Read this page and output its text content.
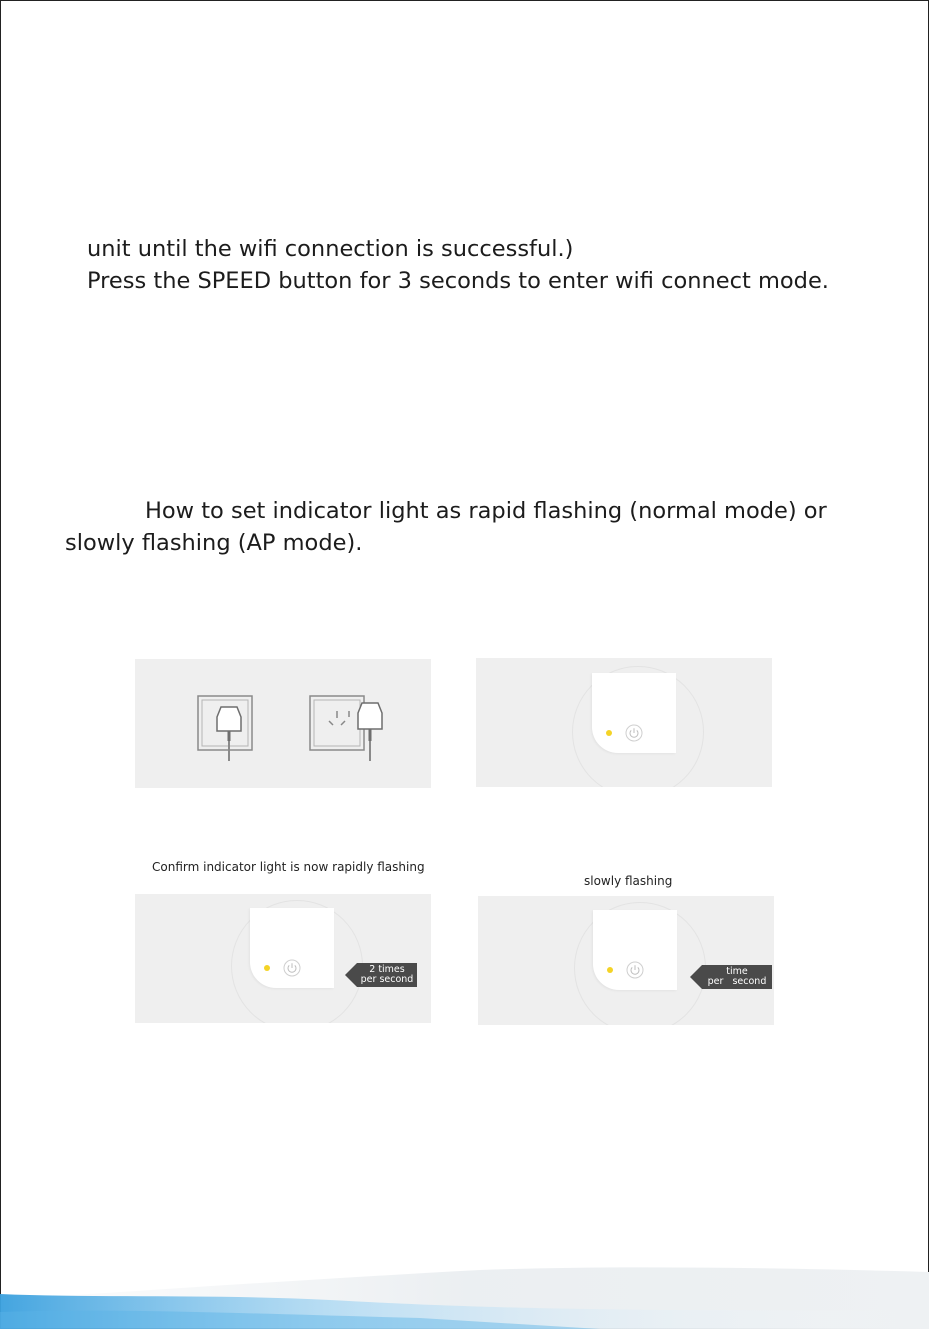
unit until the wifi connection is successful.)
Press the SPEED button for 3 seconds to enter wifi connect mode.
How to set indicator light as rapid flashing (normal mode) or
slowly flashing (AP mode).
Confirm indicator light is now rapidly flashing
slowly flashing
2 times
per second
time
per   second
